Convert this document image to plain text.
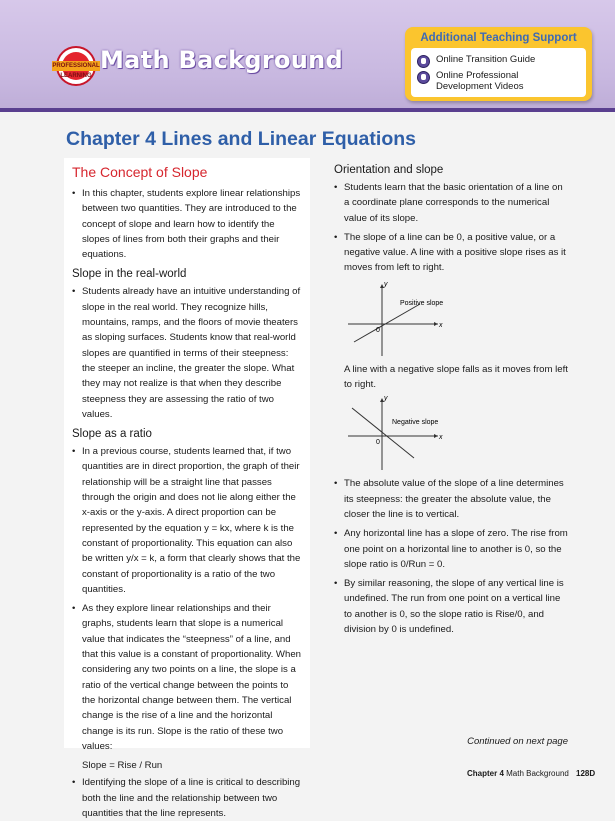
PROFESSIONAL LEARNING
Math Background
Additional Teaching Support
Online Transition Guide
Online Professional
Development Videos
Chapter 4 Lines and Linear Equations
The Concept of Slope
• In this chapter, students explore linear relationships between two quantities. They are introduced to the concept of slope and learn how to identify the slopes of lines from both their graphs and their equations.
Slope in the real-world
• Students already have an intuitive understanding of slope in the real world. They recognize hills, mountains, ramps, and the floors of movie theaters as sloping surfaces. Students know that real-world slopes are quantified in terms of their steepness: the steeper an incline, the greater the slope. What they may not realize is that when they describe steepness they are assessing the ratio of two values.
Slope as a ratio
• In a previous course, students learned that, if two quantities are in direct proportion, the graph of their relationship will be a straight line that passes through the origin and does not lie along either the x-axis or the y-axis. A direct proportion can be represented by the equation y = kx, where k is the constant of proportionality. This equation can also be written y/x = k, a form that clearly shows that the constant of proportionality is a ratio of the two quantities.
• As they explore linear relationships and their graphs, students learn that slope is a numerical value that indicates the “steepness” of a line, and that this value is a constant of proportionality. When considering any two points on a line, the slope is a ratio of the vertical change between the points to the horizontal change between them. The vertical change is the rise of a line and the horizontal change is its run. Slope is the ratio of these two values:
Slope = Rise / Run
• Identifying the slope of a line is critical to describing both the line and the relationship between two quantities that the line represents.
Orientation and slope
• Students learn that the basic orientation of a line on a coordinate plane corresponds to the numerical value of its slope.
• The slope of a line can be 0, a positive value, or a negative value. A line with a positive slope rises as it moves from left to right.
y
x
0
Positive slope
A line with a negative slope falls as it moves from left to right.
y
x
0
Negative slope
• The absolute value of the slope of a line determines its steepness: the greater the absolute value, the closer the line is to vertical.
• Any horizontal line has a slope of zero. The rise from one point on a horizontal line to another is 0, so the slope ratio is 0/Run = 0.
• By similar reasoning, the slope of any vertical line is undefined. The run from one point on a vertical line to another is 0, so the slope ratio is Rise/0, and division by 0 is undefined.
Continued on next page
Chapter 4 Math Background 128D
